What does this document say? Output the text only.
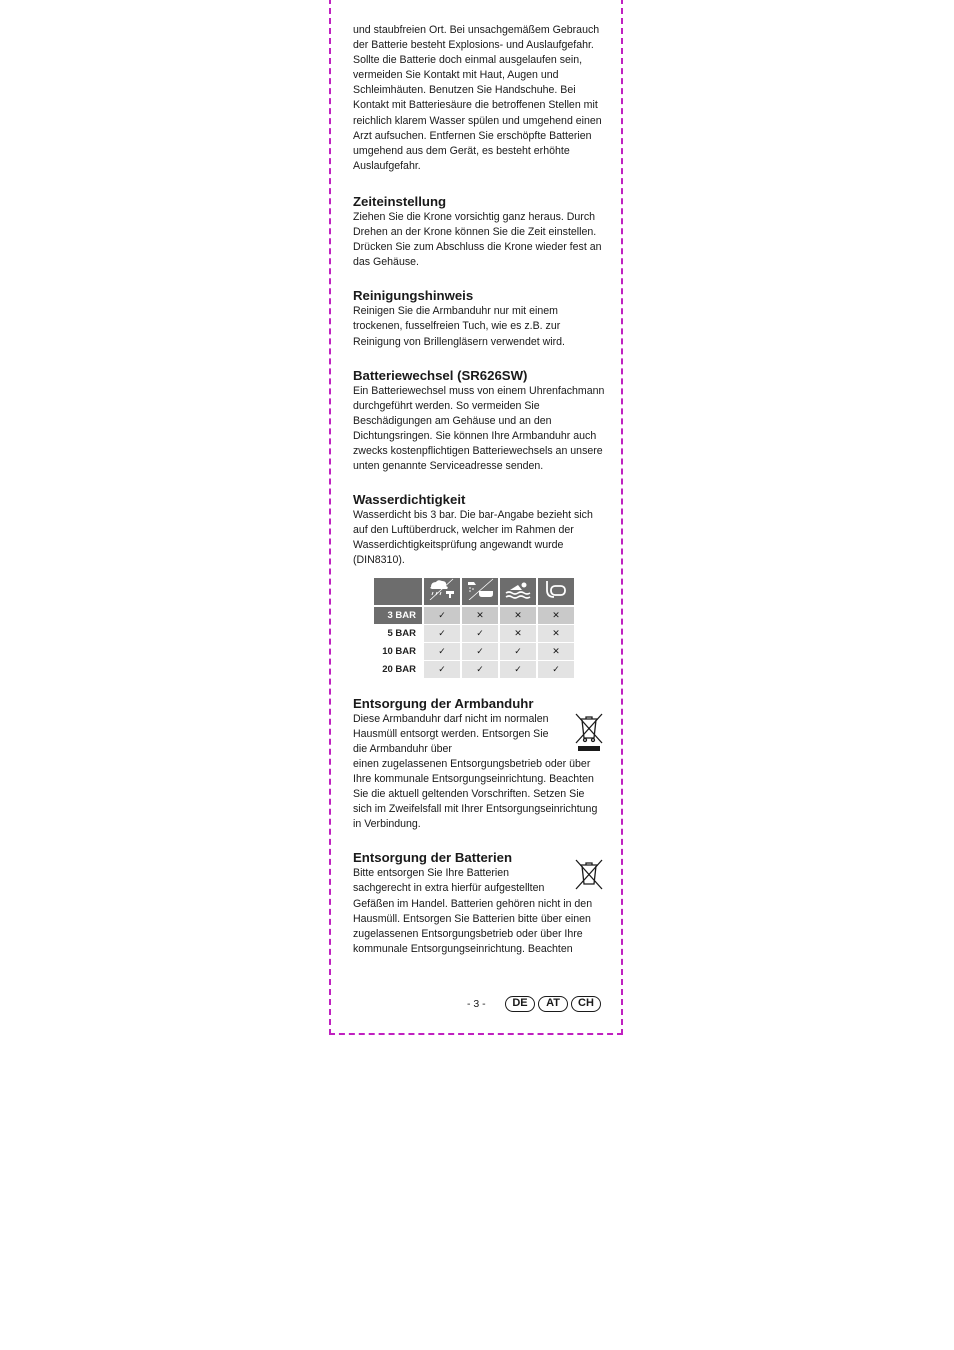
und staubfreien Ort. Bei unsachgemäßem Gebrauch der Batterie besteht Explosions- und Auslaufgefahr.

Sollte die Batterie doch einmal ausgelaufen sein, vermeiden Sie Kontakt mit Haut, Augen und Schleimhäuten. Benutzen Sie Handschuhe. Bei Kontakt mit Batteriesäure die betroffenen Stellen mit reichlich klarem Wasser spülen und umgehend einen Arzt aufsuchen. Entfernen Sie erschöpfte Batterien umgehend aus dem Gerät, es besteht erhöhte Auslaufgefahr.

Zeiteinstellung

Ziehen Sie die Krone vorsichtig ganz heraus. Durch Drehen an der Krone können Sie die Zeit einstellen. Drücken Sie zum Abschluss die Krone wieder fest an das Gehäuse.

Reinigungshinweis

Reinigen Sie die Armbanduhr nur mit einem trockenen, fusselfreien Tuch, wie es z.B. zur Reinigung von Brillengläsern verwendet wird.

Batteriewechsel (SR626SW)

Ein Batteriewechsel muss von einem Uhrenfachmann durchgeführt werden. So vermeiden Sie Beschädigungen am Gehäuse und an den Dichtungsringen. Sie können Ihre Armbanduhr auch zwecks kostenpflichtigen Batteriewechsels an unsere unten genannte Serviceadresse senden.

Wasserdichtigkeit

Wasserdicht bis 3 bar. Die bar-Angabe bezieht sich auf den Luftüberdruck, welcher im Rahmen der Wasserdichtigkeitsprüfung angewandt wurde (DIN8310).

3 BAR	✓	✕	✕	✕
5 BAR	✓	✓	✕	✕
10 BAR	✓	✓	✓	✕
20 BAR	✓	✓	✓	✓
Entsorgung der Armbanduhr

Diese Armbanduhr darf nicht im normalen Hausmüll entsorgt werden. Entsorgen Sie die Armbanduhr über
einen zugelassenen Entsorgungsbetrieb oder über Ihre kommunale Entsorgungseinrichtung. Beachten Sie die aktuell geltenden Vorschriften. Setzen Sie sich im Zweifelsfall mit Ihrer Entsorgungseinrichtung in Verbindung.

Entsorgung der Batterien

Bitte entsorgen Sie Ihre Batterien sachgerecht in extra hierfür aufgestellten
Gefäßen im Handel. Batterien gehören nicht in den Hausmüll. Entsorgen Sie Batterien bitte über einen zugelassenen Entsorgungsbetrieb oder über Ihre kommunale Entsorgungseinrichtung. Beachten

- 3 -	DE	AT	CH
